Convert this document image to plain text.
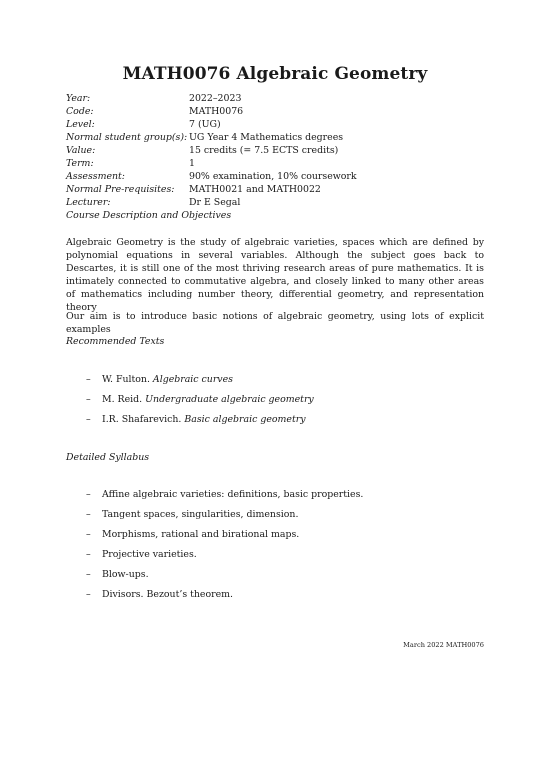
MATH0076 Algebraic Geometry
Year:	2022–2023
Code:	MATH0076
Level:	7 (UG)
Normal student group(s): UG Year 4 Mathematics degrees
Value:	15 credits (= 7.5 ECTS credits)
Term:	1
Assessment:	90% examination, 10% coursework
Normal Pre-requisites:	MATH0021 and MATH0022
Lecturer:	Dr E Segal
Course Description and Objectives
Algebraic Geometry is the study of algebraic varieties, spaces which are defined by polynomial equations in several variables. Although the subject goes back to Descartes, it is still one of the most thriving research areas of pure mathematics. It is intimately connected to commutative algebra, and closely linked to many other areas of mathematics including number theory, differential geometry, and representation theory
Our aim is to introduce basic notions of algebraic geometry, using lots of explicit examples
Recommended Texts
– W. Fulton. Algebraic curves
– M. Reid. Undergraduate algebraic geometry
– I.R. Shafarevich. Basic algebraic geometry
Detailed Syllabus
– Affine algebraic varieties: definitions, basic properties.
– Tangent spaces, singularities, dimension.
– Morphisms, rational and birational maps.
– Projective varieties.
– Blow-ups.
– Divisors. Bezout’s theorem.
March 2022 MATH0076
